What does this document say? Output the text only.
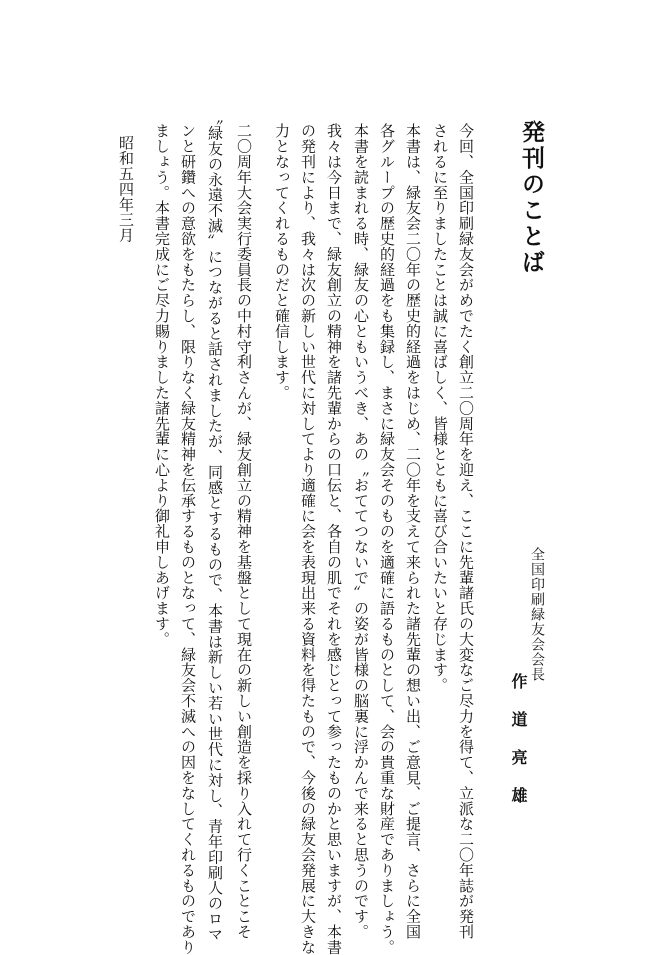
発刊のことば
全国印刷緑友会会長
作道亮雄
今回、全国印刷緑友会がめでたく創立二〇周年を迎え、ここに先輩諸氏の大変なご尽力を得て、立派な二〇年誌が発刊
されるに至りましたことは誠に喜ばしく、皆様とともに喜び合いたいと存じます。
本書は、緑友会二〇年の歴史的経過をはじめ、二〇年を支えて来られた諸先輩の想い出、ご意見、ご提言、さらに全国
各グループの歴史的経過をも集録し、まさに緑友会そのものを適確に語るものとして、会の貴重な財産でありましょう。
本書を読まれる時、緑友の心ともいうべき、あの〝おててつないで〟の姿が皆様の脳裏に浮かんで来ると思うのです。
我々は今日まで、緑友創立の精神を諸先輩からの口伝と、各自の肌でそれを感じとって参ったものかと思いますが、本書
の発刊により、我々は次の新しい世代に対してより適確に会を表現出来る資料を得たもので、今後の緑友会発展に大きな
力となってくれるものだと確信します。
二〇周年大会実行委員長の中村守利さんが、緑友創立の精神を基盤として現在の新しい創造を採り入れて行くことこそ
〝緑友の永遠不滅〟につながると話されましたが、同感とするもので、本書は新しい若い世代に対し、青年印刷人のロマ
ンと研鑽への意欲をもたらし、限りなく緑友精神を伝承するものとなって、緑友会不滅への因をなしてくれるものであり
ましょう。本書完成にご尽力賜りました諸先輩に心より御礼申しあげます。
昭和五四年三月
